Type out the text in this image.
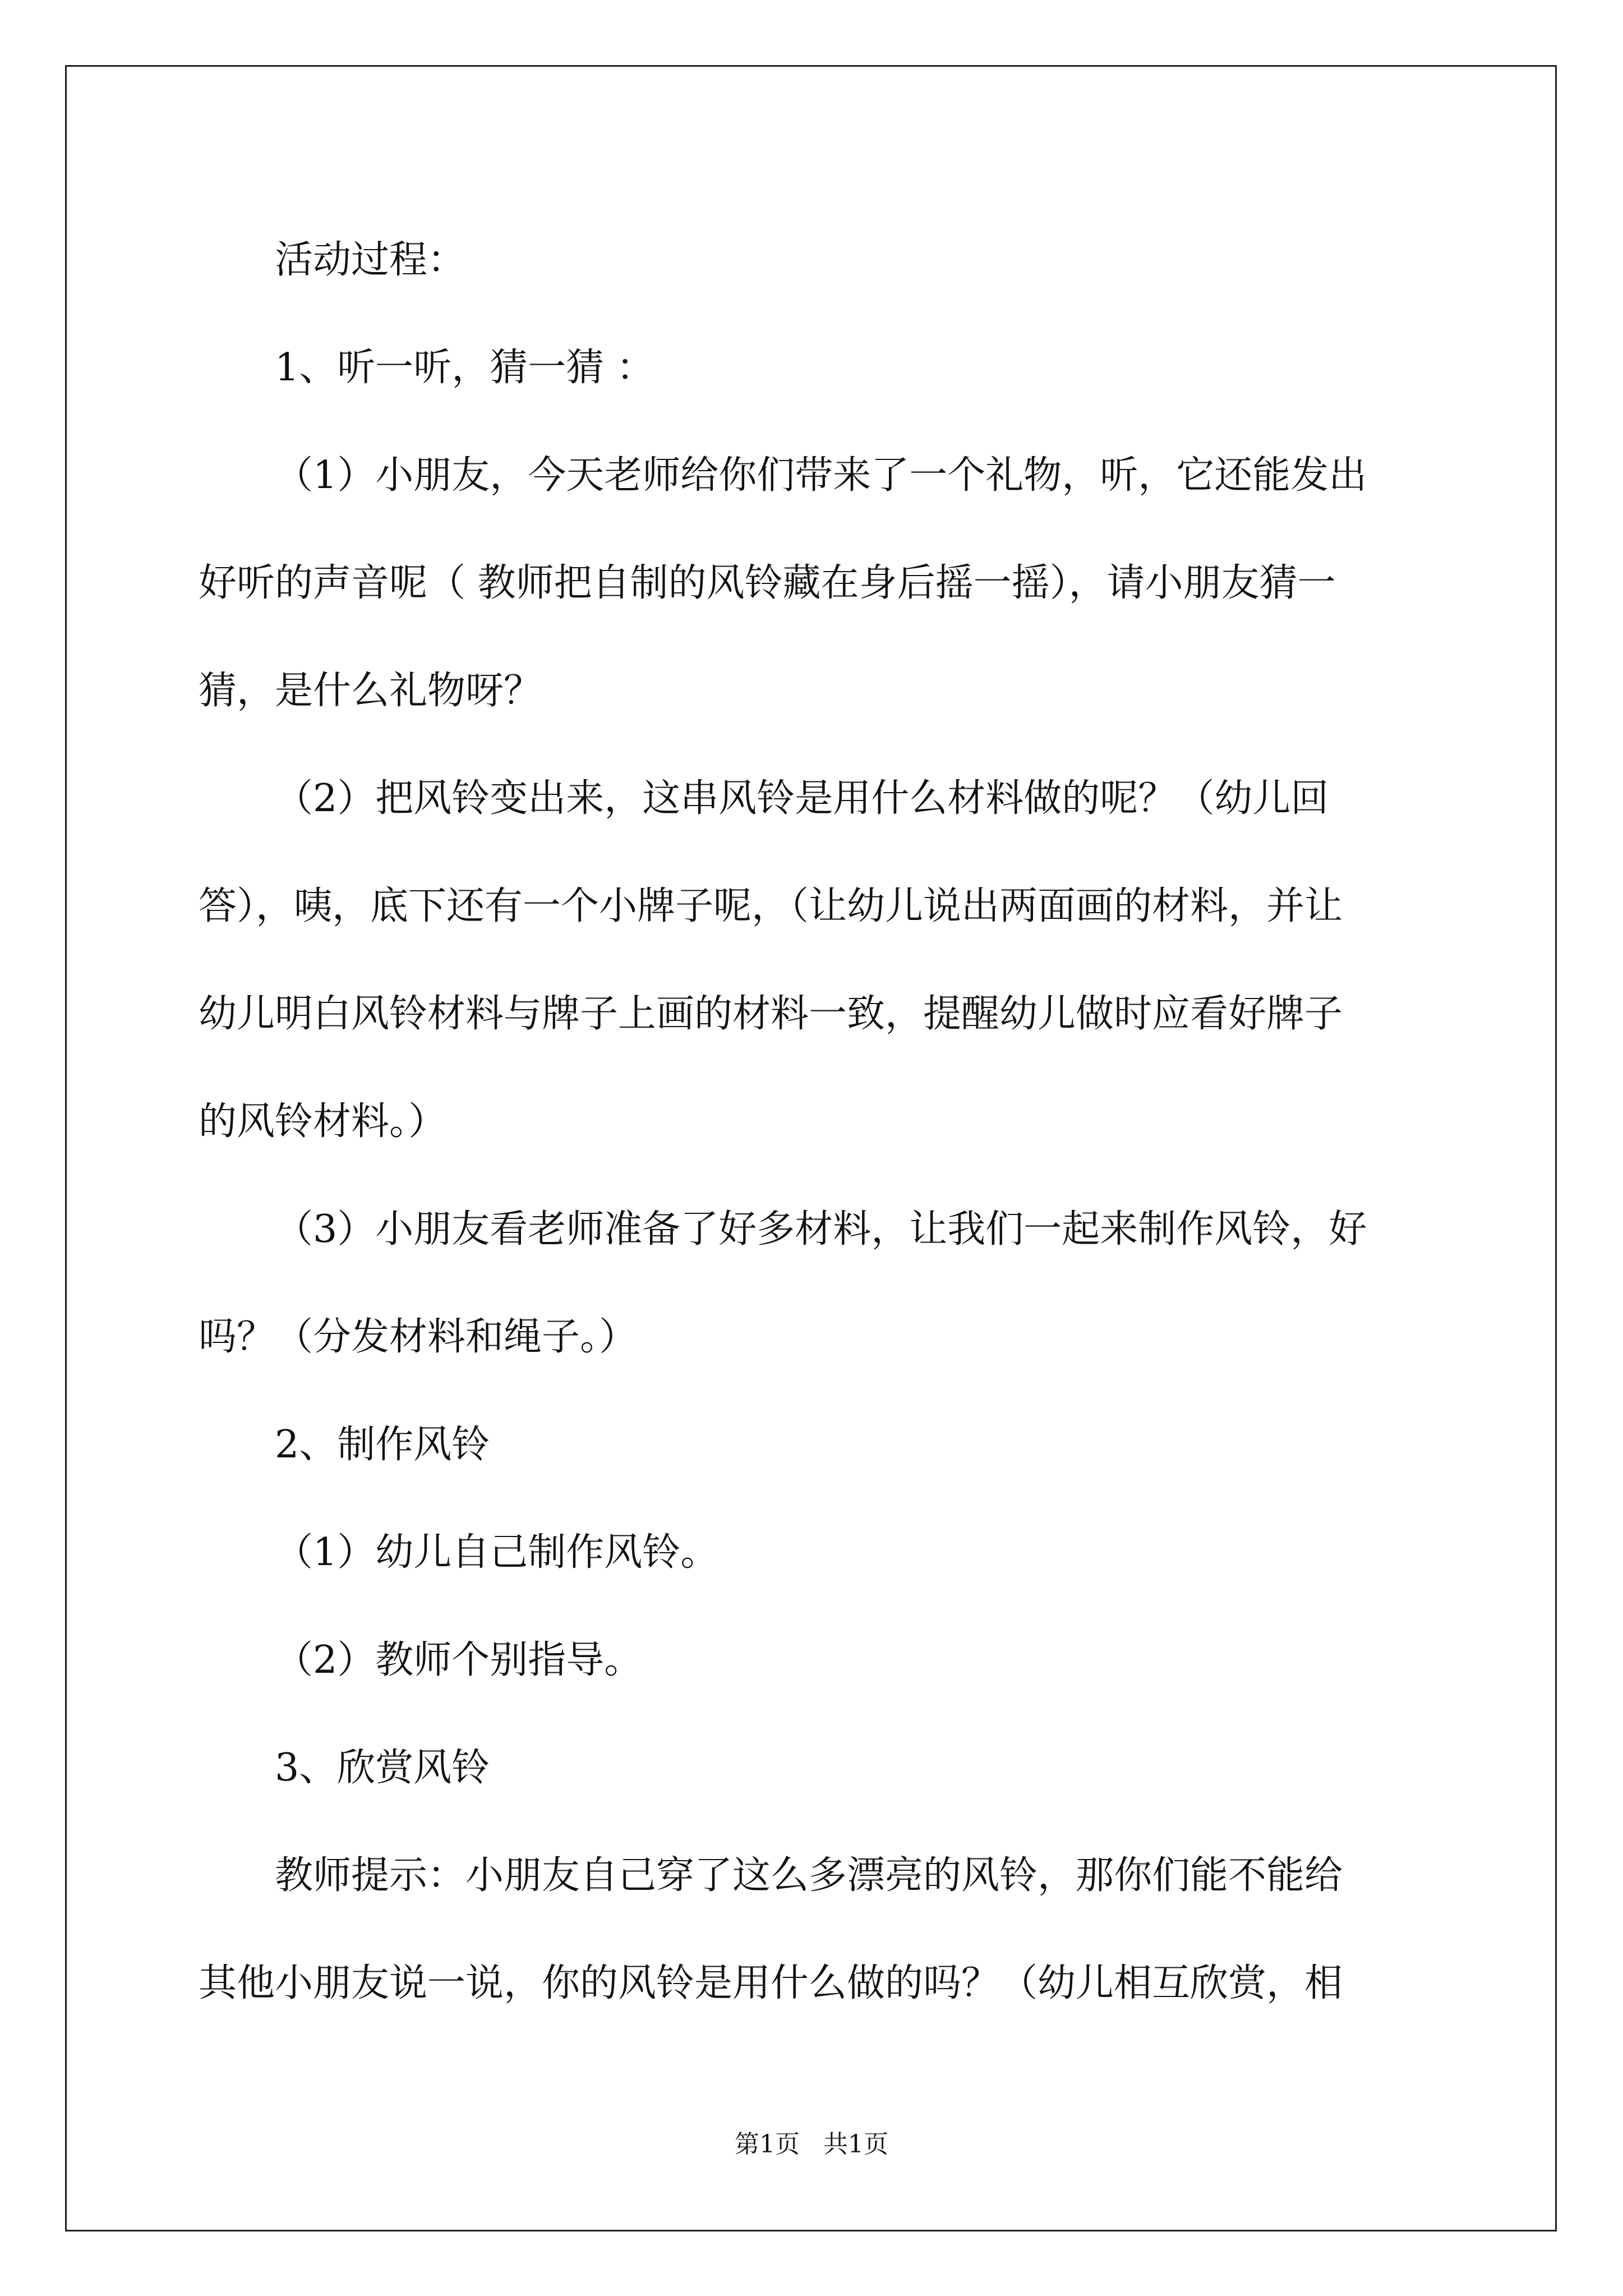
活动过程：

1、听一听，猜一猜 ：

（1）小朋友，今天老师给你们带来了一个礼物，听，它还能发出

好听的声音呢（ 教师把自制的风铃藏在身后摇一摇），请小朋友猜一

猜，是什么礼物呀？

（2）把风铃变出来，这串风铃是用什么材料做的呢？（幼儿回

答），咦，底下还有一个小牌子呢，（让幼儿说出两面画的材料，并让

幼儿明白风铃材料与牌子上画的材料一致，提醒幼儿做时应看好牌子

的风铃材料。）

（3）小朋友看老师准备了好多材料，让我们一起来制作风铃，好

吗？（分发材料和绳子。）

2、制作风铃

（1）幼儿自己制作风铃。

（2）教师个别指导。

3、欣赏风铃

教师提示：小朋友自己穿了这么多漂亮的风铃，那你们能不能给

其他小朋友说一说，你的风铃是用什么做的吗？（幼儿相互欣赏，相

第1页   共1页
